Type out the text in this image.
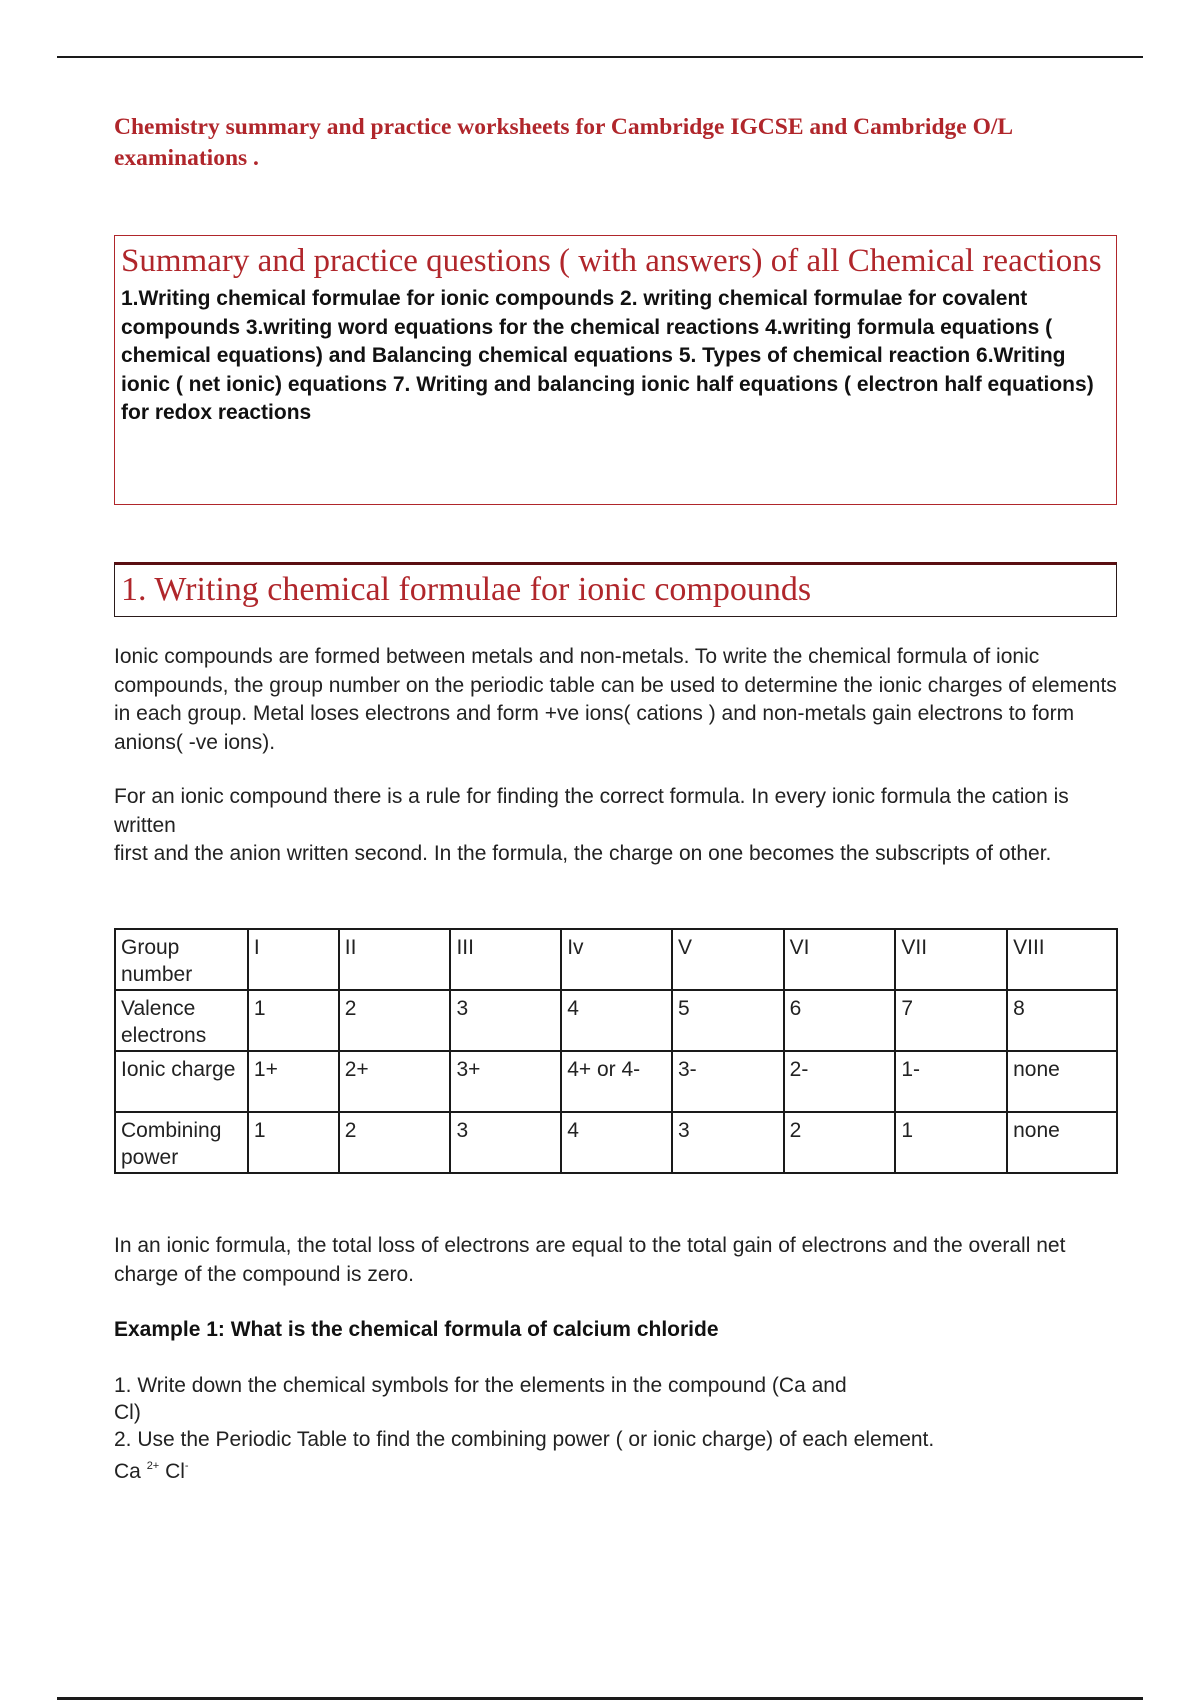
Chemistry summary and practice worksheets for Cambridge IGCSE and Cambridge O/L examinations .
Summary and practice questions ( with answers) of all Chemical reactions

1.Writing chemical formulae for ionic compounds 2. writing chemical formulae for covalent compounds 3.writing word equations for the chemical reactions 4.writing formula equations ( chemical equations) and Balancing chemical equations 5. Types of chemical reaction 6.Writing ionic ( net ionic) equations 7. Writing and balancing ionic half equations ( electron half equations) for redox reactions

1. Writing chemical formulae for ionic compounds

Ionic compounds are formed between metals and non-metals. To write the chemical formula of ionic compounds, the group number on the periodic table can be used to determine the ionic charges of elements in each group. Metal loses electrons and form +ve ions( cations ) and non-metals gain electrons to form anions( -ve ions).

For an ionic compound there is a rule for finding the correct formula. In every ionic formula the cation is written
first and the anion written second. In the formula, the charge on one becomes the subscripts of other.

Group number	I	II	III	Iv	V	VI	VII	VIII
Valence electrons	1	2	3	4	5	6	7	8
Ionic charge	1+	2+	3+	4+ or 4-	3-	2-	1-	none
Combining power	1	2	3	4	3	2	1	none

In an ionic formula, the total loss of electrons are equal to the total gain of electrons and the overall net charge of the compound is zero.

Example 1: What is the chemical formula of calcium chloride

1. Write down the chemical symbols for the elements in the compound (Ca and
Cl)
2. Use the Periodic Table to find the combining power ( or ionic charge) of each element.
Ca $^{2+}$ Cl-
